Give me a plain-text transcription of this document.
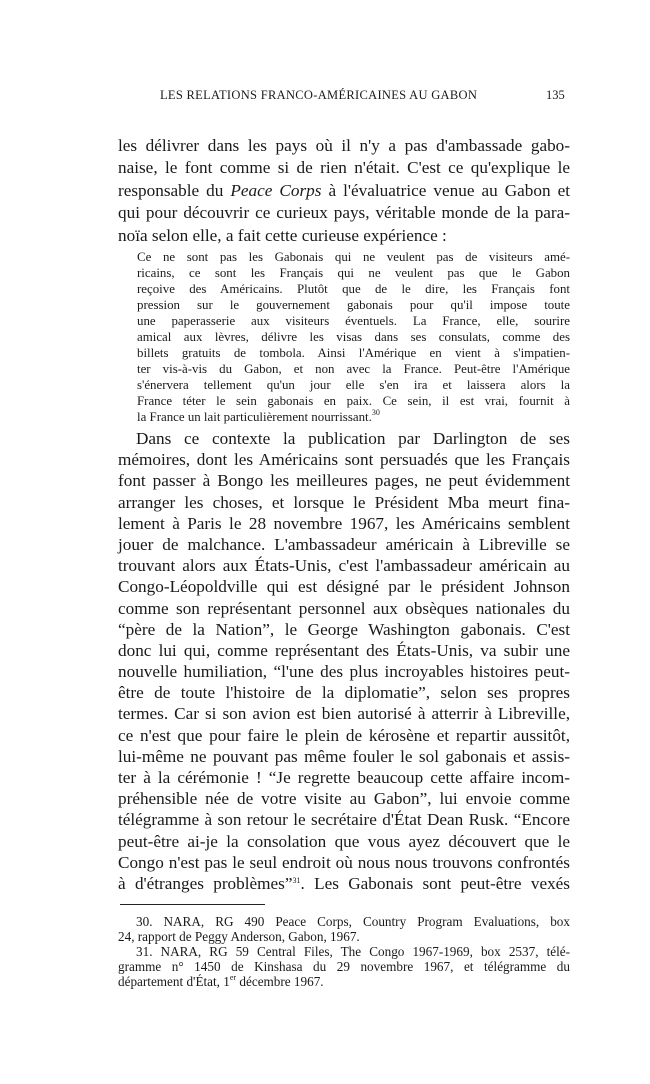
LES RELATIONS FRANCO-AMÉRICAINES AU GABON	135
les délivrer dans les pays où il n'y a pas d'ambassade gabo-
naise, le font comme si de rien n'était. C'est ce qu'explique le
responsable du Peace Corps à l'évaluatrice venue au Gabon et
qui pour découvrir ce curieux pays, véritable monde de la para-
noïa selon elle, a fait cette curieuse expérience :
Ce ne sont pas les Gabonais qui ne veulent pas de visiteurs amé-
ricains, ce sont les Français qui ne veulent pas que le Gabon
reçoive des Américains. Plutôt que de le dire, les Français font
pression sur le gouvernement gabonais pour qu'il impose toute
une paperasserie aux visiteurs éventuels. La France, elle, sourire
amical aux lèvres, délivre les visas dans ses consulats, comme des
billets gratuits de tombola. Ainsi l'Amérique en vient à s'impatien-
ter vis-à-vis du Gabon, et non avec la France. Peut-être l'Amérique
s'énervera tellement qu'un jour elle s'en ira et laissera alors la
France téter le sein gabonais en paix. Ce sein, il est vrai, fournit à
la France un lait particulièrement nourrissant.$^{30}$
Dans ce contexte la publication par Darlington de ses
mémoires, dont les Américains sont persuadés que les Français
font passer à Bongo les meilleures pages, ne peut évidemment
arranger les choses, et lorsque le Président Mba meurt fina-
lement à Paris le 28 novembre 1967, les Américains semblent
jouer de malchance. L'ambassadeur américain à Libreville se
trouvant alors aux États-Unis, c'est l'ambassadeur américain au
Congo-Léopoldville qui est désigné par le président Johnson
comme son représentant personnel aux obsèques nationales du
“père de la Nation”, le George Washington gabonais. C'est
donc lui qui, comme représentant des États-Unis, va subir une
nouvelle humiliation, “l'une des plus incroyables histoires peut-
être de toute l'histoire de la diplomatie”, selon ses propres
termes. Car si son avion est bien autorisé à atterrir à Libreville,
ce n'est que pour faire le plein de kérosène et repartir aussitôt,
lui-même ne pouvant pas même fouler le sol gabonais et assis-
ter à la cérémonie ! “Je regrette beaucoup cette affaire incom-
préhensible née de votre visite au Gabon”, lui envoie comme
télégramme à son retour le secrétaire d'État Dean Rusk. “Encore
peut-être ai-je la consolation que vous ayez découvert que le
Congo n'est pas le seul endroit où nous nous trouvons confrontés
à d'étranges problèmes”$^{31}$. Les Gabonais sont peut-être vexés
30. NARA, RG 490 Peace Corps, Country Program Evaluations, box
24, rapport de Peggy Anderson, Gabon, 1967.
31. NARA, RG 59 Central Files, The Congo 1967-1969, box 2537, télé-
gramme n° 1450 de Kinshasa du 29 novembre 1967, et télégramme du
département d'État, 1er décembre 1967.
